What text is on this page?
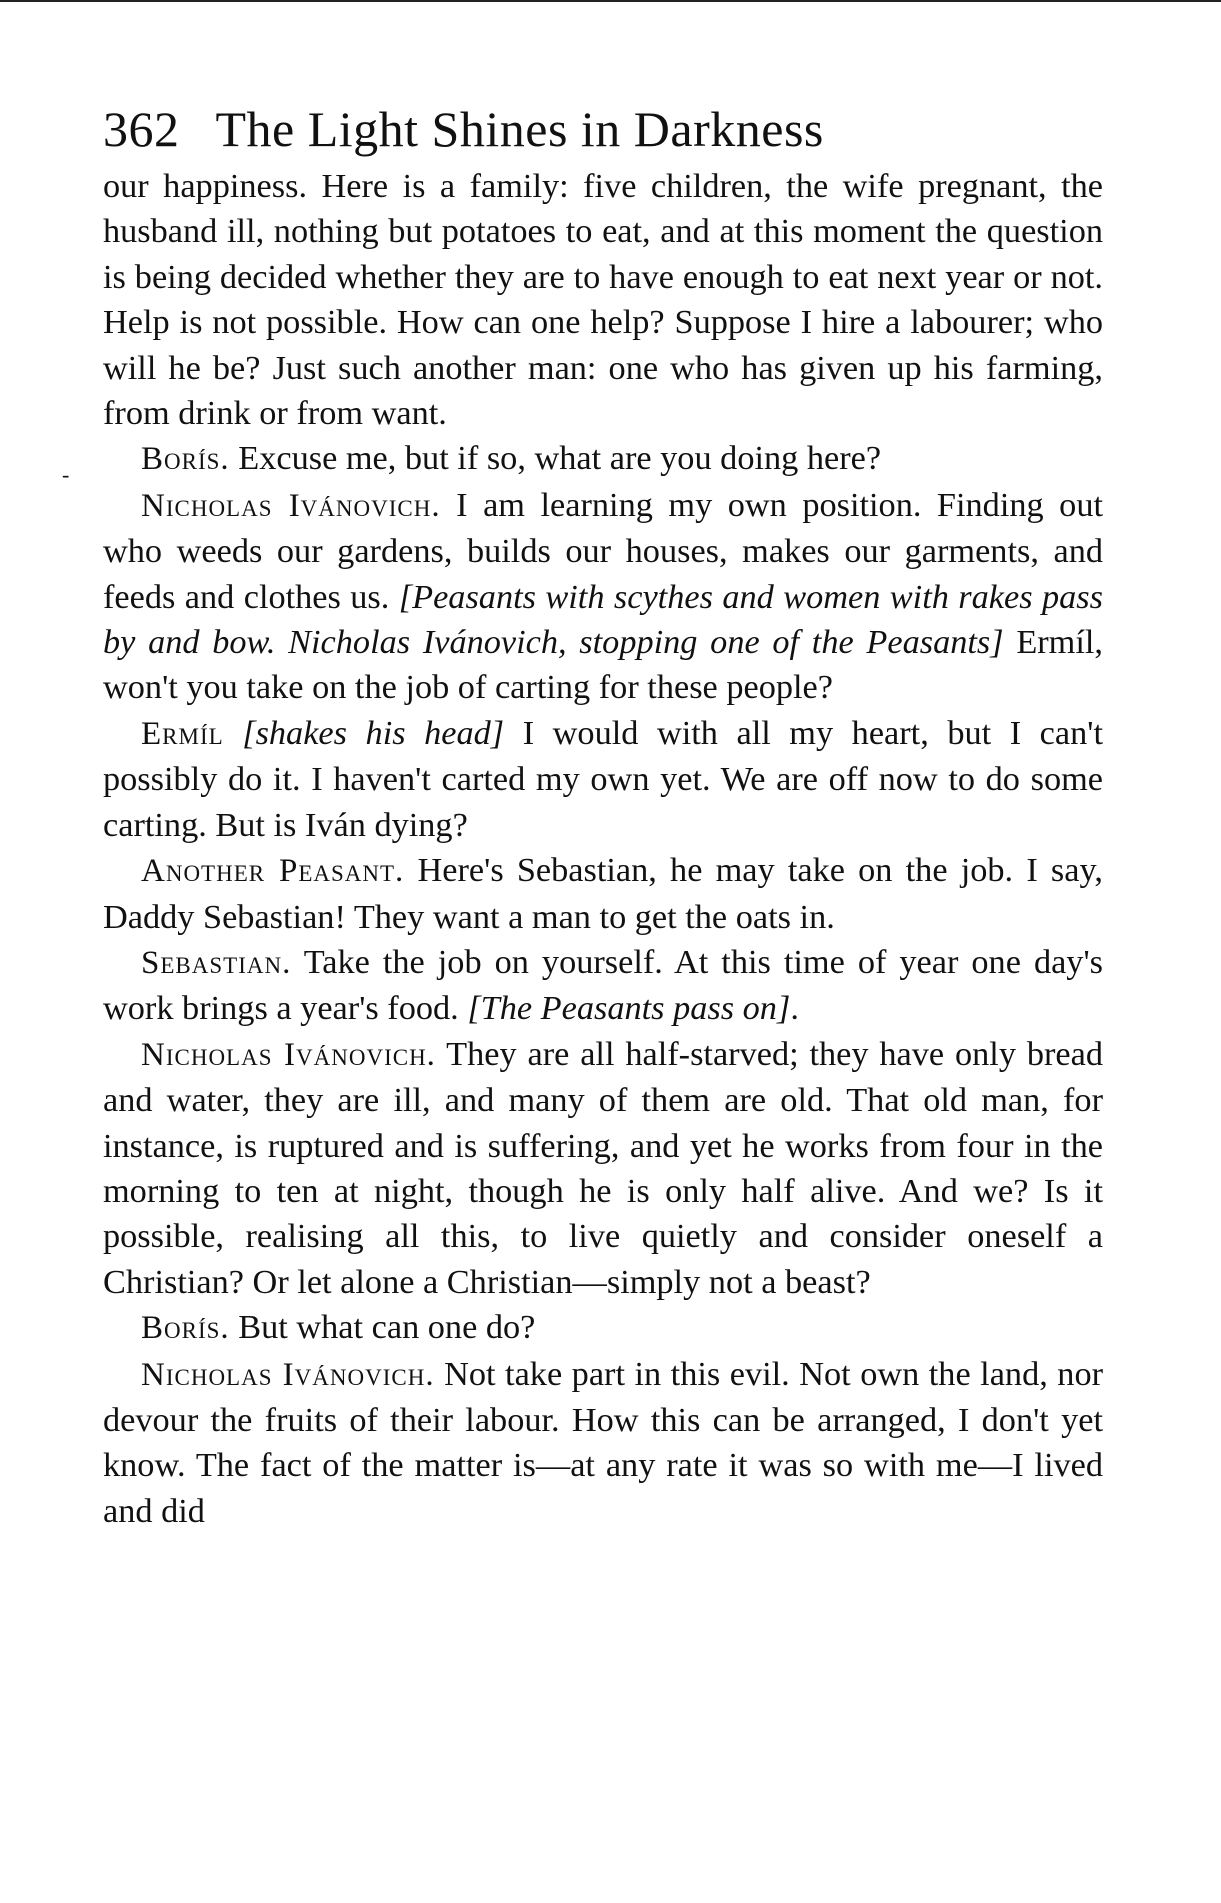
-
362 The Light Shines in Darkness

our happiness. Here is a family: five children, the wife pregnant, the husband ill, nothing but potatoes to eat, and at this moment the question is being decided whether they are to have enough to eat next year or not. Help is not possible. How can one help? Suppose I hire a labourer; who will he be? Just such another man: one who has given up his farming, from drink or from want.

Borís. Excuse me, but if so, what are you doing here?

Nicholas Ivánovich. I am learning my own position. Finding out who weeds our gardens, builds our houses, makes our garments, and feeds and clothes us. [Peasants with scythes and women with rakes pass by and bow. Nicholas Ivánovich, stopping one of the Peasants] Ermíl, won't you take on the job of carting for these people?

Ermíl [shakes his head] I would with all my heart, but I can't possibly do it. I haven't carted my own yet. We are off now to do some carting. But is Iván dying?

Another Peasant. Here's Sebastian, he may take on the job. I say, Daddy Sebastian! They want a man to get the oats in.

Sebastian. Take the job on yourself. At this time of year one day's work brings a year's food. [The Peasants pass on].

Nicholas Ivánovich. They are all half-starved; they have only bread and water, they are ill, and many of them are old. That old man, for instance, is ruptured and is suffering, and yet he works from four in the morning to ten at night, though he is only half alive. And we? Is it possible, realising all this, to live quietly and consider oneself a Christian? Or let alone a Christian—simply not a beast?

Borís. But what can one do?

Nicholas Ivánovich. Not take part in this evil. Not own the land, nor devour the fruits of their labour. How this can be arranged, I don't yet know. The fact of the matter is—at any rate it was so with me—I lived and did
